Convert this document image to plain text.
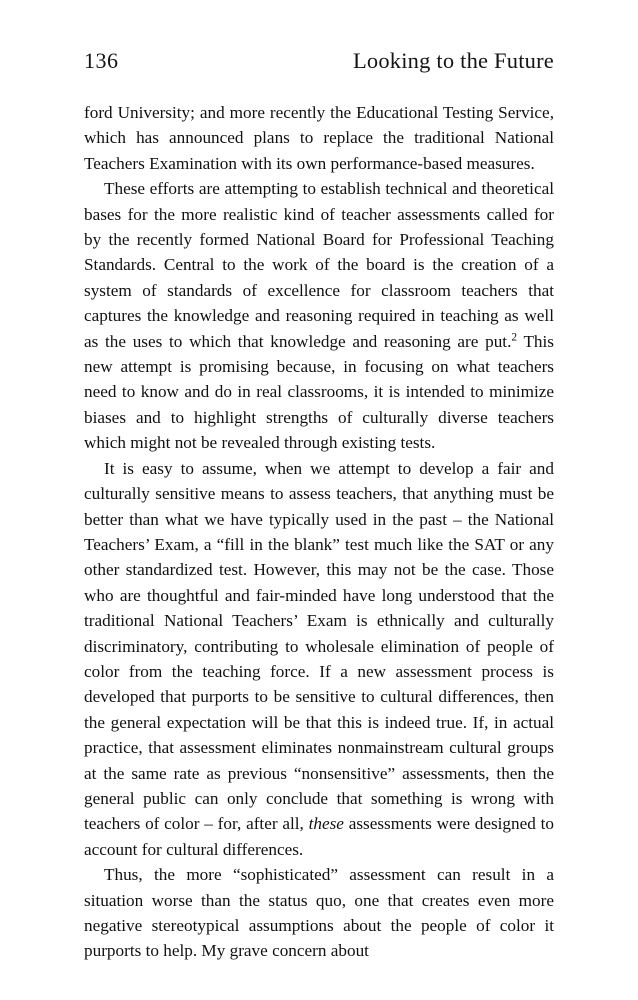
136	Looking to the Future

ford University; and more recently the Educational Testing Service, which has announced plans to replace the traditional National Teachers Examination with its own performance-based measures.

These efforts are attempting to establish technical and theoretical bases for the more realistic kind of teacher assessments called for by the recently formed National Board for Professional Teaching Standards. Central to the work of the board is the creation of a system of standards of excellence for classroom teachers that captures the knowledge and reasoning required in teaching as well as the uses to which that knowledge and reasoning are put.$^2$ This new attempt is promising because, in focusing on what teachers need to know and do in real classrooms, it is intended to minimize biases and to highlight strengths of culturally diverse teachers which might not be revealed through existing tests.

It is easy to assume, when we attempt to develop a fair and culturally sensitive means to assess teachers, that anything must be better than what we have typically used in the past – the National Teachers’ Exam, a “fill in the blank” test much like the SAT or any other standardized test. However, this may not be the case. Those who are thoughtful and fair-minded have long understood that the traditional National Teachers’ Exam is ethnically and culturally discriminatory, contributing to wholesale elimination of people of color from the teaching force. If a new assessment process is developed that purports to be sensitive to cultural differences, then the general expectation will be that this is indeed true. If, in actual practice, that assessment eliminates nonmainstream cultural groups at the same rate as previous “nonsensitive” assessments, then the general public can only conclude that something is wrong with teachers of color – for, after all, these assessments were designed to account for cultural differences.

Thus, the more “sophisticated” assessment can result in a situation worse than the status quo, one that creates even more negative stereotypical assumptions about the people of color it purports to help. My grave concern about
